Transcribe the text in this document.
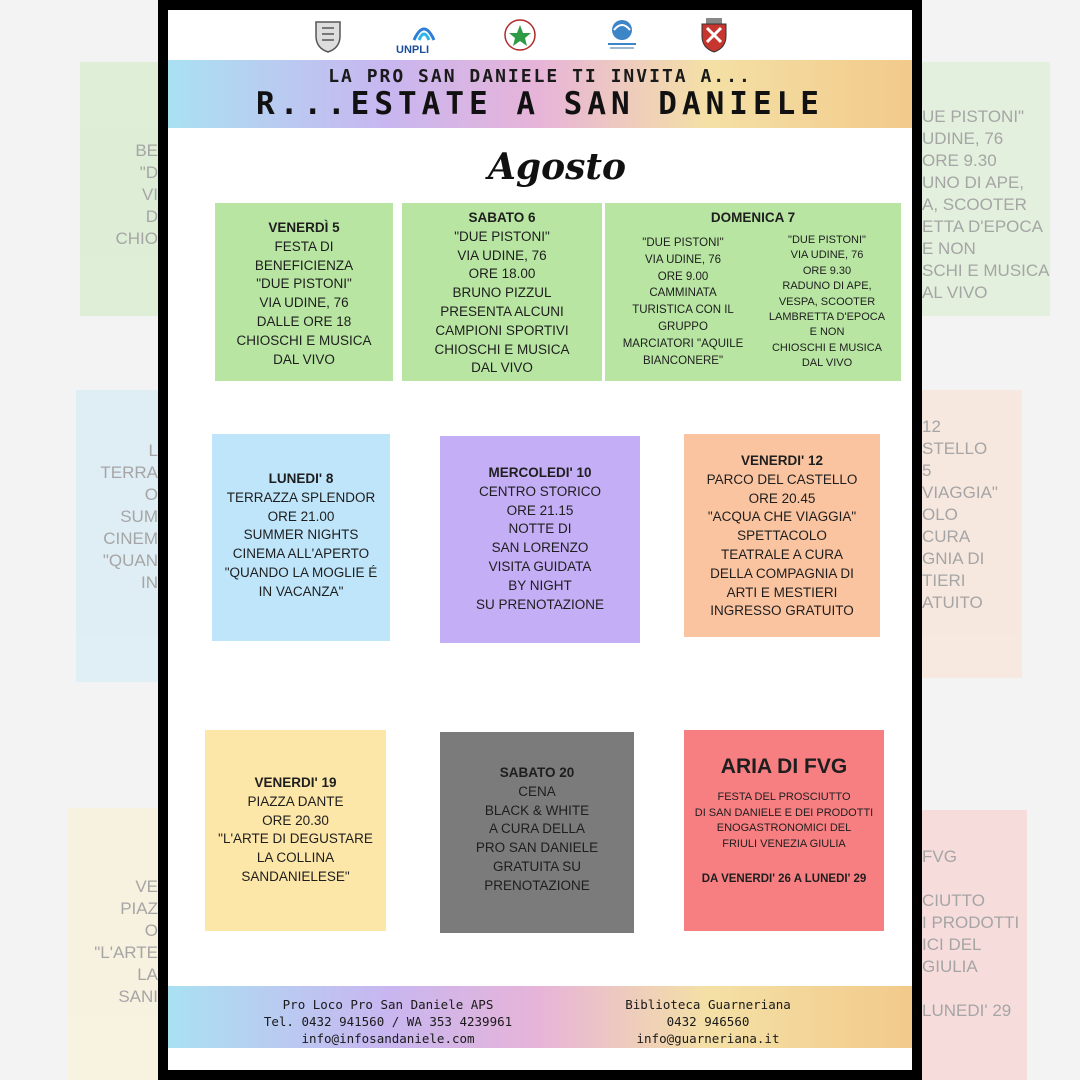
BE
"D
VI
D
CHIO
L
TERRA
O
SUM
CINEM
"QUAN
IN
VE
PIAZ
O
"L'ARTE
LA
SANI
UE PISTONI"
UDINE, 76
ORE 9.30
UNO DI APE,
A, SCOOTER
ETTA D'EPOCA
E NON
SCHI E MUSICA
AL VIVO
12
STELLO
5
VIAGGIA"
OLO
CURA
GNIA DI
TIERI
ATUITO
FVG

CIUTTO
I PRODOTTI
ICI DEL
GIULIA

LUNEDI' 29
UNPLI
LA PRO SAN DANIELE TI INVITA A...
R...ESTATE A SAN DANIELE
Agosto
VENERDÌ 5
FESTA DI
BENEFICIENZA
"DUE PISTONI"
VIA UDINE, 76
DALLE ORE 18
CHIOSCHI E MUSICA
DAL VIVO
SABATO 6
"DUE PISTONI"
VIA UDINE, 76
ORE 18.00
BRUNO PIZZUL
PRESENTA ALCUNI
CAMPIONI SPORTIVI
CHIOSCHI E MUSICA
DAL VIVO
DOMENICA 7
"DUE PISTONI"
VIA UDINE, 76
ORE 9.00
CAMMINATA
TURISTICA CON IL
GRUPPO
MARCIATORI "AQUILE
BIANCONERE"
"DUE PISTONI"
VIA UDINE, 76
ORE 9.30
RADUNO DI APE,
VESPA, SCOOTER
LAMBRETTA D'EPOCA
E NON
CHIOSCHI E MUSICA
DAL VIVO
LUNEDI' 8
TERRAZZA SPLENDOR
ORE 21.00
SUMMER NIGHTS
CINEMA ALL'APERTO
"QUANDO LA MOGLIE É
IN VACANZA"
MERCOLEDI' 10
CENTRO STORICO
ORE 21.15
NOTTE DI
SAN LORENZO
VISITA GUIDATA
BY NIGHT
SU PRENOTAZIONE
VENERDI' 12
PARCO DEL CASTELLO
ORE 20.45
"ACQUA CHE VIAGGIA"
SPETTACOLO
TEATRALE A CURA
DELLA COMPAGNIA DI
ARTI E MESTIERI
INGRESSO GRATUITO
VENERDI' 19
PIAZZA DANTE
ORE 20.30
"L'ARTE DI DEGUSTARE
LA COLLINA
SANDANIELESE"
SABATO 20
CENA
BLACK & WHITE
A CURA DELLA
PRO SAN DANIELE
GRATUITA SU
PRENOTAZIONE
ARIA DI FVG
FESTA DEL PROSCIUTTO
DI SAN DANIELE E DEI PRODOTTI
ENOGASTRONOMICI DEL
FRIULI VENEZIA GIULIA
DA VENERDI' 26 A LUNEDI' 29
Pro Loco Pro San Daniele APS
Tel. 0432 941560 / WA 353 4239961
info@infosandaniele.com
Biblioteca Guarneriana
0432 946560
info@guarneriana.it
